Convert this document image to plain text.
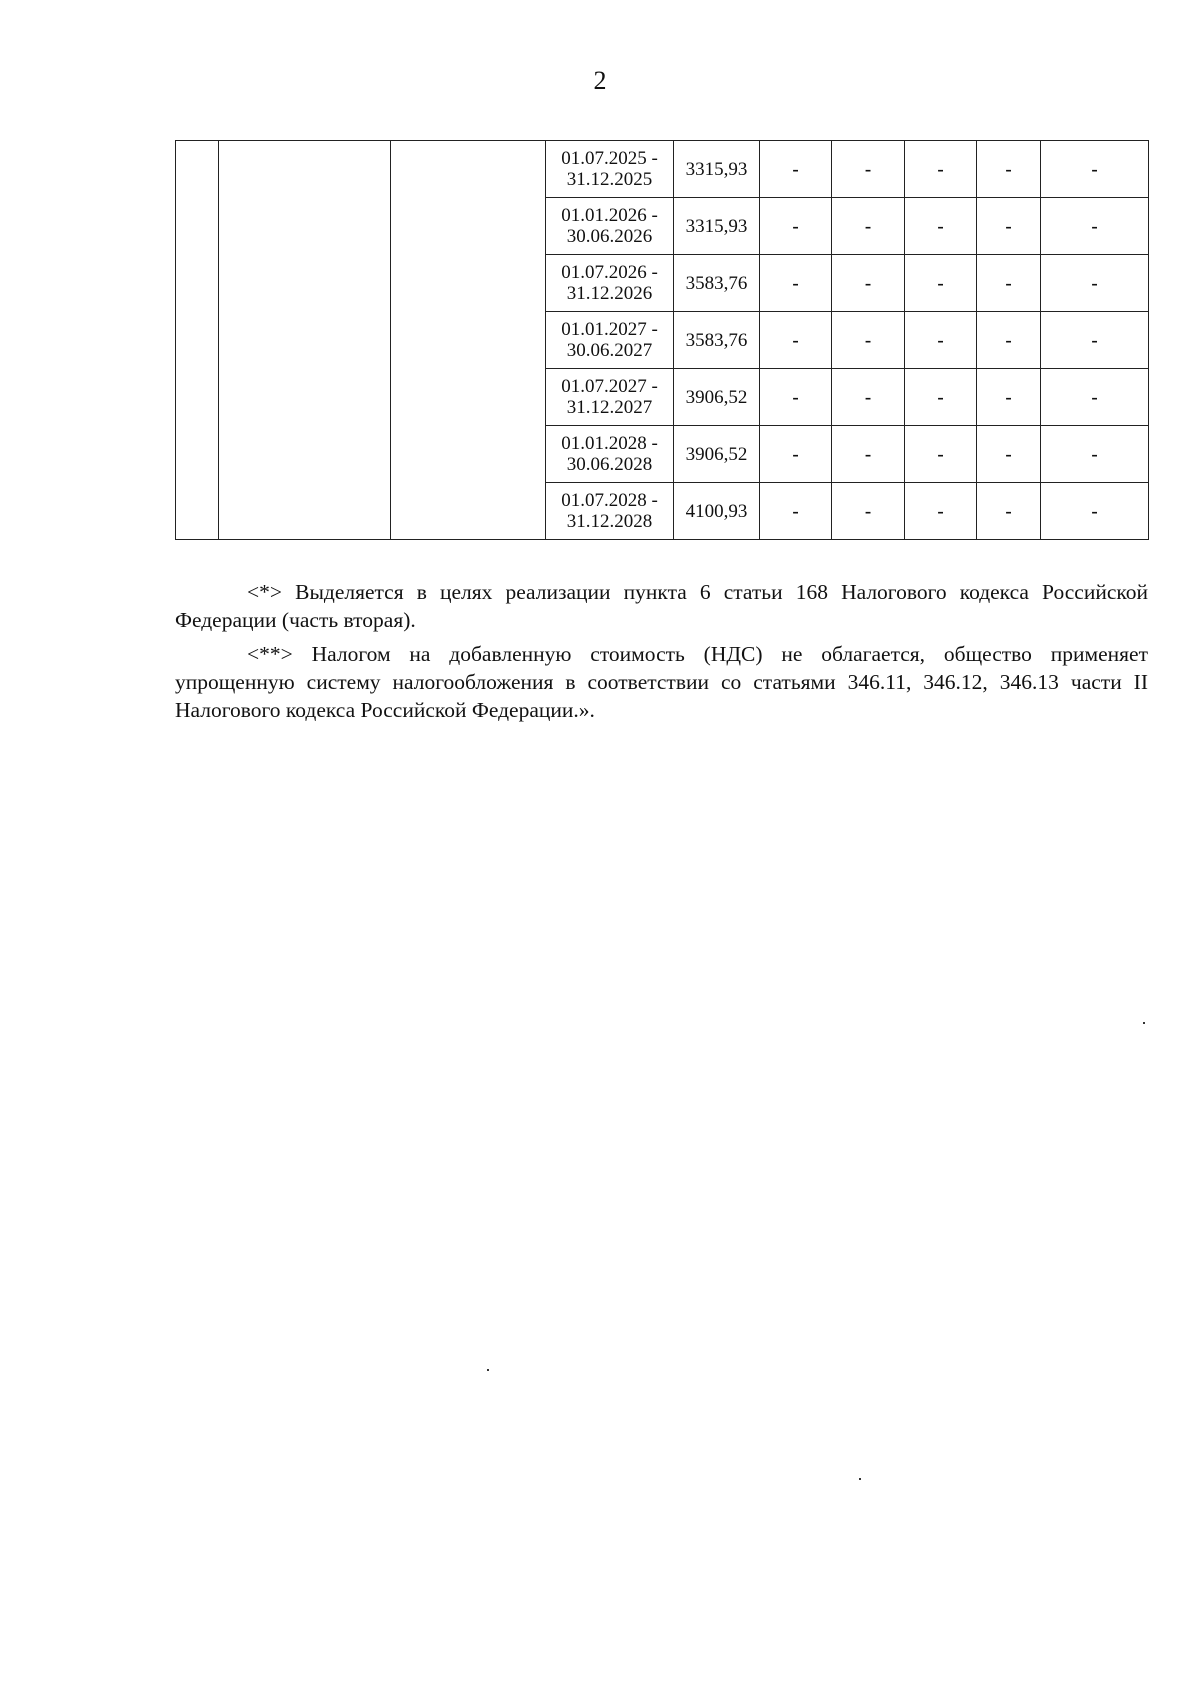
2

			01.07.2025 -
31.12.2025	3315,93	-	-	-	-	-

			01.01.2026 -
30.06.2026	3315,93	-	-	-	-	-

			01.07.2026 -
31.12.2026	3583,76	-	-	-	-	-

			01.01.2027 -
30.06.2027	3583,76	-	-	-	-	-

			01.07.2027 -
31.12.2027	3906,52	-	-	-	-	-

			01.01.2028 -
30.06.2028	3906,52	-	-	-	-	-

			01.07.2028 -
31.12.2028	4100,93	-	-	-	-	-

<*> Выделяется в целях реализации пункта 6 статьи 168 Налогового кодекса Российской Федерации (часть вторая).

<**> Налогом на добавленную стоимость (НДС) не облагается, общество применяет упрощенную систему налогообложения в соответствии со статьями 346.11, 346.12, 346.13 части II Налогового кодекса Российской Федерации.».
